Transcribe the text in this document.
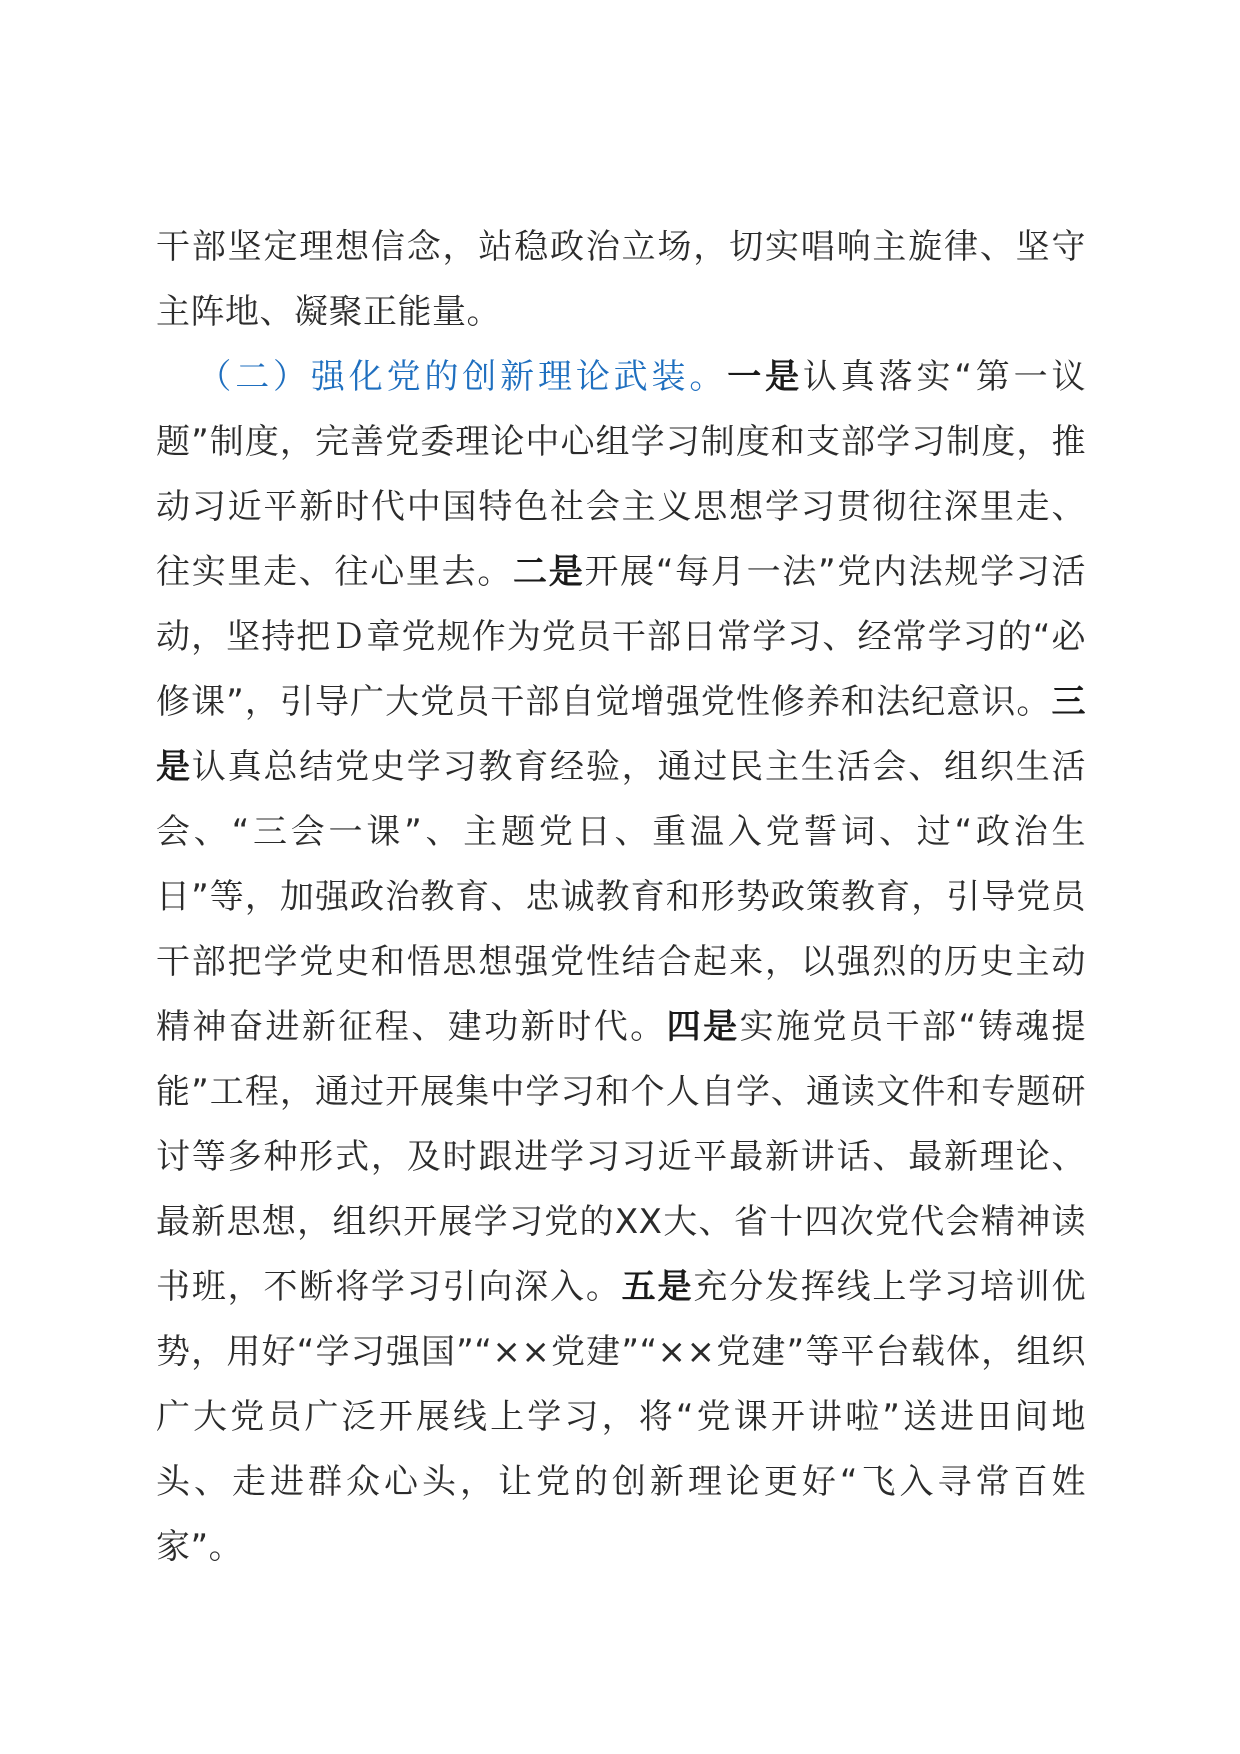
干部坚定理想信念，站稳政治立场，切实唱响主旋律、坚守主阵地、凝聚正能量。

（二）强化党的创新理论武装。一是认真落实“第一议题”制度，完善党委理论中心组学习制度和支部学习制度，推动习近平新时代中国特色社会主义思想学习贯彻往深里走、往实里走、往心里去。二是开展“每月一法”党内法规学习活动，坚持把Ｄ章党规作为党员干部日常学习、经常学习的“必修课”，引导广大党员干部自觉增强党性修养和法纪意识。三是认真总结党史学习教育经验，通过民主生活会、组织生活会、“三会一课”、主题党日、重温入党誓词、过“政治生日”等，加强政治教育、忠诚教育和形势政策教育，引导党员干部把学党史和悟思想强党性结合起来，以强烈的历史主动精神奋进新征程、建功新时代。四是实施党员干部“铸魂提能”工程，通过开展集中学习和个人自学、通读文件和专题研讨等多种形式，及时跟进学习习近平最新讲话、最新理论、最新思想，组织开展学习党的XX大、省十四次党代会精神读书班，不断将学习引向深入。五是充分发挥线上学习培训优势，用好“学习强国”“××党建”“××党建”等平台载体，组织广大党员广泛开展线上学习，将“党课开讲啦”送进田间地头、走进群众心头，让党的创新理论更好“飞入寻常百姓家”。
